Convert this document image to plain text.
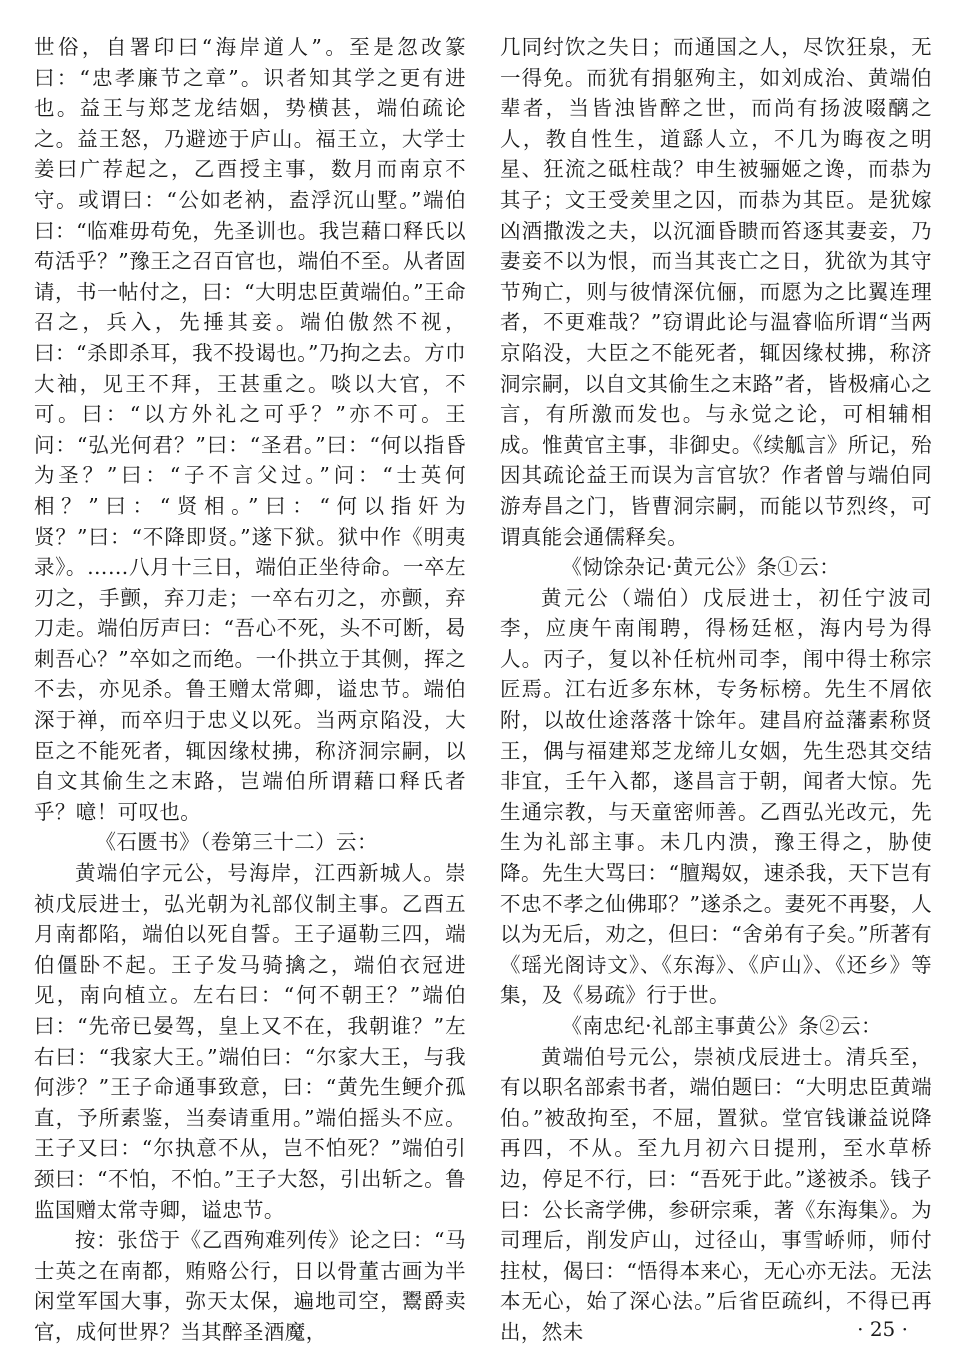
世俗，自署印曰“海岸道人”。至是忽改篆曰：“忠孝廉节之章”。识者知其学之更有进也。益王与郑芝龙结姻，势横甚，端伯疏论之。益王怒，乃避迹于庐山。福王立，大学士姜曰广荐起之，乙酉授主事，数月而南京不守。或谓曰：“公如老衲，盍浮沉山墅。”端伯曰：“临难毋苟免，先圣训也。我岂藉口释氏以苟活乎？”豫王之召百官也，端伯不至。从者固请，书一帖付之，曰：“大明忠臣黄端伯。”王命召之，兵入，先捶其妾。端伯傲然不视，曰：“杀即杀耳，我不投谒也。”乃拘之去。方巾大袖，见王不拜，王甚重之。啖以大官，不可。曰：“以方外礼之可乎？”亦不可。王问：“弘光何君？”曰：“圣君。”曰：“何以指昏为圣？”曰：“子不言父过。”问：“士英何相？”曰：“贤相。”曰：“何以指奸为贤？”曰：“不降即贤。”遂下狱。狱中作《明夷录》。……八月十三日，端伯正坐待命。一卒左刃之，手颤，弃刀走；一卒右刃之，亦颤，弃刀走。端伯厉声曰：“吾心不死，头不可断，曷刺吾心？”卒如之而绝。一仆拱立于其侧，挥之不去，亦见杀。鲁王赠太常卿，谥忠节。端伯深于禅，而卒归于忠义以死。当两京陷没，大臣之不能死者，辄因缘杖拂，称济洞宗嗣，以自文其偷生之末路，岂端伯所谓藉口释氏者乎？噫！可叹也。

《石匮书》（卷第三十二）云：

黄端伯字元公，号海岸，江西新城人。崇祯戊辰进士，弘光朝为礼部仪制主事。乙酉五月南都陷，端伯以死自誓。王子逼勒三四，端伯僵卧不起。王子发马骑擒之，端伯衣冠进见，南向植立。左右曰：“何不朝王？”端伯曰：“先帝已晏驾，皇上又不在，我朝谁？”左右曰：“我家大王。”端伯曰：“尔家大王，与我何涉？”王子命通事致意，曰：“黄先生鲠介孤直，予所素鉴，当奏请重用。”端伯摇头不应。王子又曰：“尔执意不从，岂不怕死？”端伯引颈曰：“不怕，不怕。”王子大怒，引出斩之。鲁监国赠太常寺卿，谥忠节。

按：张岱于《乙酉殉难列传》论之曰：“马士英之在南都，贿赂公行，日以骨董古画为半闲堂军国大事，弥天太保，遍地司空，鬻爵卖官，成何世界？当其醉圣酒魔，

几同纣饮之失日；而通国之人，尽饮狂泉，无一得免。而犹有捐躯殉主，如刘成治、黄端伯辈者，当皆浊皆醉之世，而尚有扬波啜醨之人，教自性生，道繇人立，不几为晦夜之明星、狂流之砥柱哉？申生被骊姬之谗，而恭为其子；文王受羑里之囚，而恭为其臣。是犹嫁凶酒撒泼之夫，以沉湎昏瞆而笞逐其妻妾，乃妻妾不以为恨，而当其丧亡之日，犹欲为其守节殉亡，则与彼情深伉俪，而愿为之比翼连理者，不更难哉？”窃谓此论与温睿临所谓“当两京陷没，大臣之不能死者，辄因缘杖拂，称济洞宗嗣，以自文其偷生之末路”者，皆极痛心之言，有所激而发也。与永觉之论，可相辅相成。惟黄官主事，非御史。《续觚言》所记，殆因其疏论益王而误为言官欤？作者曾与端伯同游寿昌之门，皆曹洞宗嗣，而能以节烈终，可谓真能会通儒释矣。

《恸馀杂记·黄元公》条①云：

黄元公（端伯）戊辰进士，初任宁波司李，应庚午南闱聘，得杨廷枢，海内号为得人。丙子，复以补任杭州司李，闱中得士称宗匠焉。江右近多东林，专务标榜。先生不屑依附，以故仕途落落十馀年。建昌府益藩素称贤王，偶与福建郑芝龙缔儿女姻，先生恐其交结非宜，壬午入都，遂昌言于朝，闻者大惊。先生通宗教，与天童密师善。乙酉弘光改元，先生为礼部主事。未几内溃，豫王得之，胁使降。先生大骂曰：“膻羯奴，速杀我，天下岂有不忠不孝之仙佛耶？”遂杀之。妻死不再娶，人以为无后，劝之，但曰：“舍弟有子矣。”所著有《瑶光阁诗文》、《东海》、《庐山》、《还乡》等集，及《易疏》行于世。

《南忠纪·礼部主事黄公》条②云：

黄端伯号元公，崇祯戊辰进士。清兵至，有以职名部索书者，端伯题曰：“大明忠臣黄端伯。”被敌拘至，不屈，置狱。堂官钱谦益说降再四，不从。至九月初六日提刑，至水草桥边，停足不行，曰：“吾死于此。”遂被杀。钱子曰：公长斋学佛，参研宗乘，著《东海集》。为司理后，削发庐山，过径山，事雪峤师，师付拄杖，偈曰：“悟得本来心，无心亦无法。无法本无心，始了深心法。”后省臣疏纠，不得已再出，然未	· 25 ·
